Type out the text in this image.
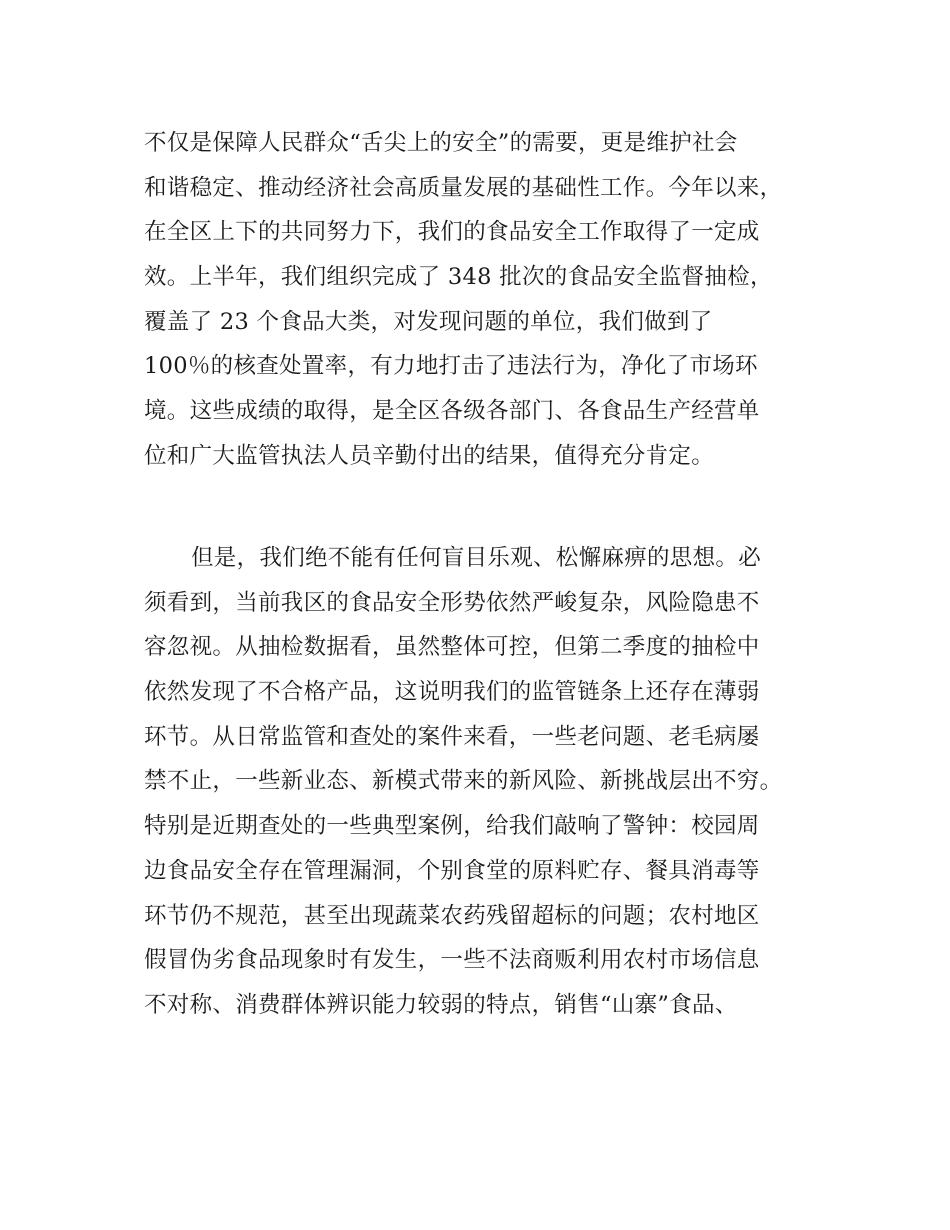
不仅是保障人民群众“舌尖上的安全”的需要，更是维护社会
和谐稳定、推动经济社会高质量发展的基础性工作。今年以来，
在全区上下的共同努力下，我们的食品安全工作取得了一定成
效。上半年，我们组织完成了 348 批次的食品安全监督抽检，
覆盖了 23 个食品大类，对发现问题的单位，我们做到了
100％的核查处置率，有力地打击了违法行为，净化了市场环
境。这些成绩的取得，是全区各级各部门、各食品生产经营单
位和广大监管执法人员辛勤付出的结果，值得充分肯定。
但是，我们绝不能有任何盲目乐观、松懈麻痹的思想。必
须看到，当前我区的食品安全形势依然严峻复杂，风险隐患不
容忽视。从抽检数据看，虽然整体可控，但第二季度的抽检中
依然发现了不合格产品，这说明我们的监管链条上还存在薄弱
环节。从日常监管和查处的案件来看，一些老问题、老毛病屡
禁不止，一些新业态、新模式带来的新风险、新挑战层出不穷。
特别是近期查处的一些典型案例，给我们敲响了警钟：校园周
边食品安全存在管理漏洞，个别食堂的原料贮存、餐具消毒等
环节仍不规范，甚至出现蔬菜农药残留超标的问题；农村地区
假冒伪劣食品现象时有发生，一些不法商贩利用农村市场信息
不对称、消费群体辨识能力较弱的特点，销售“山寨”食品、
